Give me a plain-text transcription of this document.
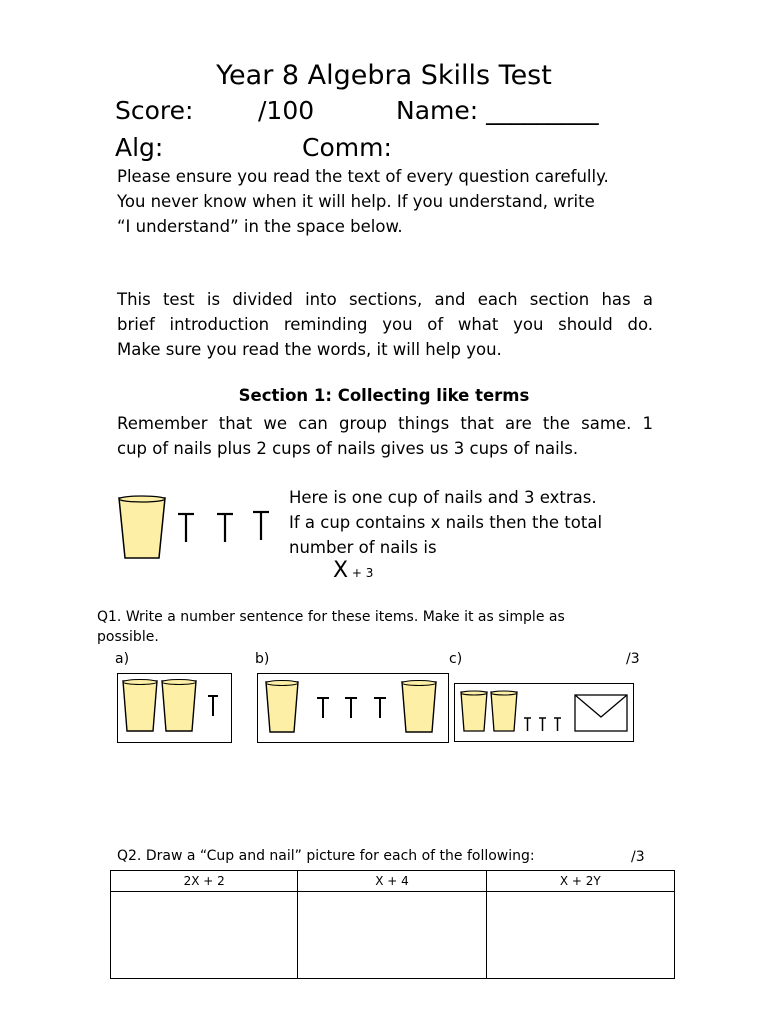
Year 8 Algebra Skills Test
Score:	/100	Name: _________
Alg:	Comm:
Please ensure you read the text of every question carefully.
You never know when it will help. If you understand, write
“I understand” in the space below.
This test is divided into sections, and each section has a
brief introduction reminding you of what you should do.
Make sure you read the words, it will help you.
Section 1: Collecting like terms
Remember that we can group things that are the same. 1
cup of nails plus 2 cups of nails gives us 3 cups of nails.
Here is one cup of nails and 3 extras.
If a cup contains x nails then the total
number of nails is
X + 3
Q1. Write a number sentence for these items. Make it as simple as
possible.
a)	b)	c)	/3
Q2. Draw a “Cup and nail” picture for each of the following:	/3
2X + 2	X + 4	X + 2Y
